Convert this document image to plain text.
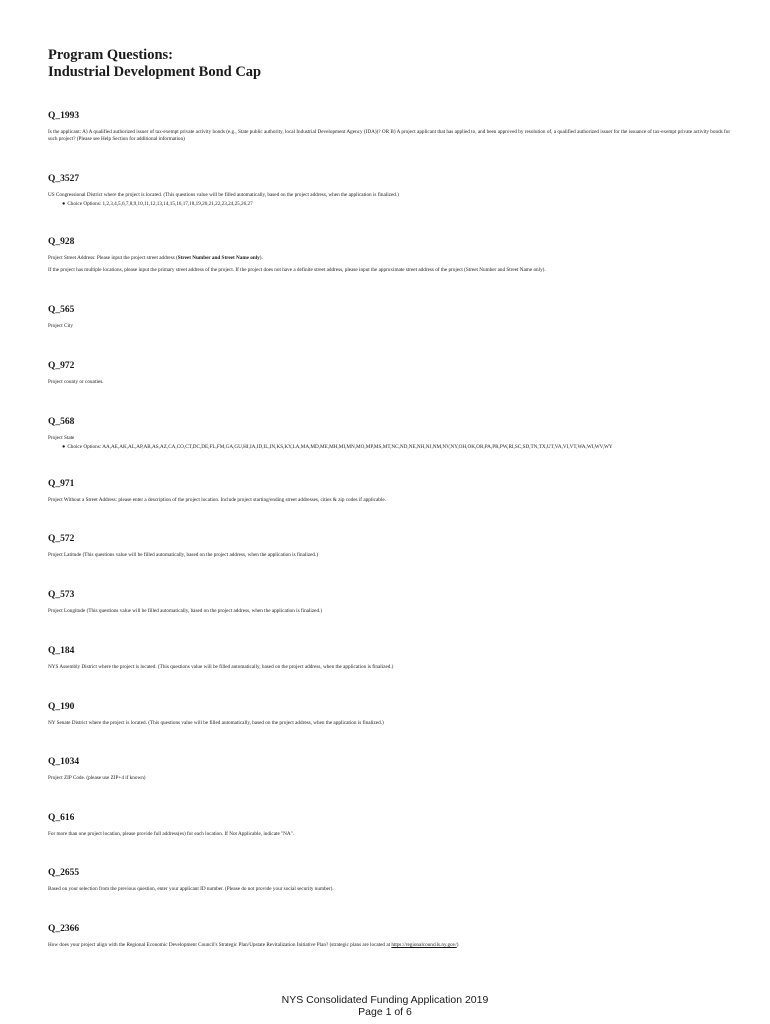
Program Questions:
Industrial Development Bond Cap
Q_1993

Is the applicant: A) A qualified authorized issuer of tax-exempt private activity bonds (e.g., State public authority, local Industrial Development Agency (IDA))? OR B) A project applicant that has applied to, and been approved by resolution of, a qualified authorized issuer for the issuance of tax-exempt private activity bonds for such project? (Please see Help Section for additional information)

Q_3527

US Congressional District where the project is located. (This questions value will be filled automatically, based on the project address, when the application is finalized.)

● Choice Options: 1,2,3,4,5,6,7,8,9,10,11,12,13,14,15,16,17,18,19,20,21,22,23,24,25,26,27
Q_928

Project Street Address: Please input the project street address (Street Number and Street Name only).

If the project has multiple locations, please input the primary street address of the project. If the project does not have a definite street address, please input the approximate street address of the project (Street Number and Street Name only).

Q_565

Project City

Q_972

Project county or counties.

Q_568

Project State

● Choice Options: AA,AE,AK,AL,AP,AR,AS,AZ,CA,CO,CT,DC,DE,FL,FM,GA,GU,HI,IA,ID,IL,IN,KS,KY,LA,MA,MD,ME,MH,MI,MN,MO,MP,MS,MT,NC,ND,NE,NH,NJ,NM,NV,NY,OH,OK,OR,PA,PR,PW,RI,SC,SD,TN,TX,UT,VA,VI,VT,WA,WI,WV,WY
Q_971

Project Without a Street Address: please enter a description of the project location. Include project starting/ending street addresses, cities & zip codes if applicable.

Q_572

Project Latitude (This questions value will be filled automatically, based on the project address, when the application is finalized.)

Q_573

Project Longitude (This questions value will be filled automatically, based on the project address, when the application is finalized.)

Q_184

NYS Assembly District where the project is located. (This questions value will be filled automatically, based on the project address, when the application is finalized.)

Q_190

NY Senate District where the project is located. (This questions value will be filled automatically, based on the project address, when the application is finalized.)

Q_1034

Project ZIP Code. (please use ZIP+4 if known)

Q_616

For more than one project location, please provide full address(es) for each location. If Not Applicable, indicate "NA".

Q_2655

Based on your selection from the previous question, enter your applicant ID number. (Please do not provide your social security number).

Q_2366

How does your project align with the Regional Economic Development Council's Strategic Plan/Upstate Revitalization Initiative Plan? (strategic plans are located at https://regionalcouncils.ny.gov/)

NYS Consolidated Funding Application 2019
Page 1 of 6
